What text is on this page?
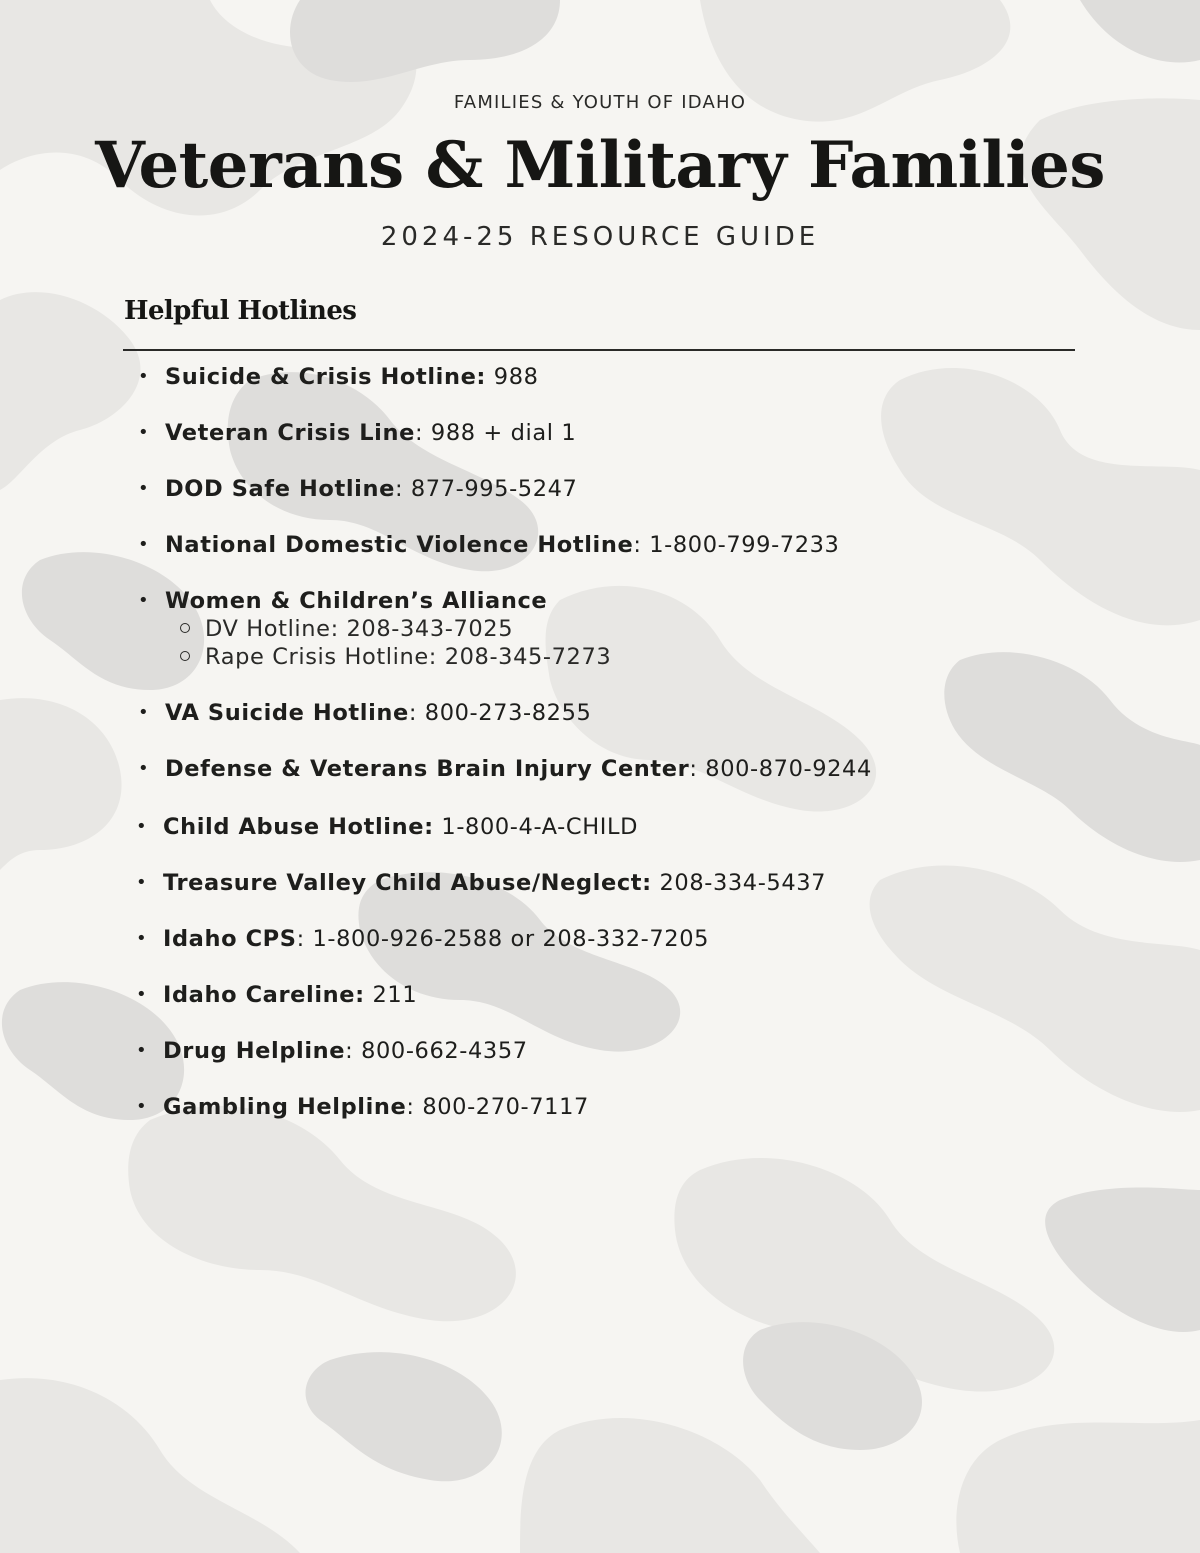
FAMILIES & YOUTH OF IDAHO
Veterans & Military Families
2024-25 RESOURCE GUIDE
Helpful Hotlines
• Suicide & Crisis Hotline: 988
• Veteran Crisis Line: 988 + dial 1
• DOD Safe Hotline: 877-995-5247
• National Domestic Violence Hotline: 1-800-799-7233
• Women & Children’s Alliance
DV Hotline: 208-343-7025
Rape Crisis Hotline: 208-345-7273
• VA Suicide Hotline: 800-273-8255
• Defense & Veterans Brain Injury Center: 800-870-9244
• Child Abuse Hotline: 1-800-4-A-CHILD
• Treasure Valley Child Abuse/Neglect: 208-334-5437
• Idaho CPS: 1-800-926-2588 or 208-332-7205
• Idaho Careline: 211
• Drug Helpline: 800-662-4357
• Gambling Helpline: 800-270-7117
